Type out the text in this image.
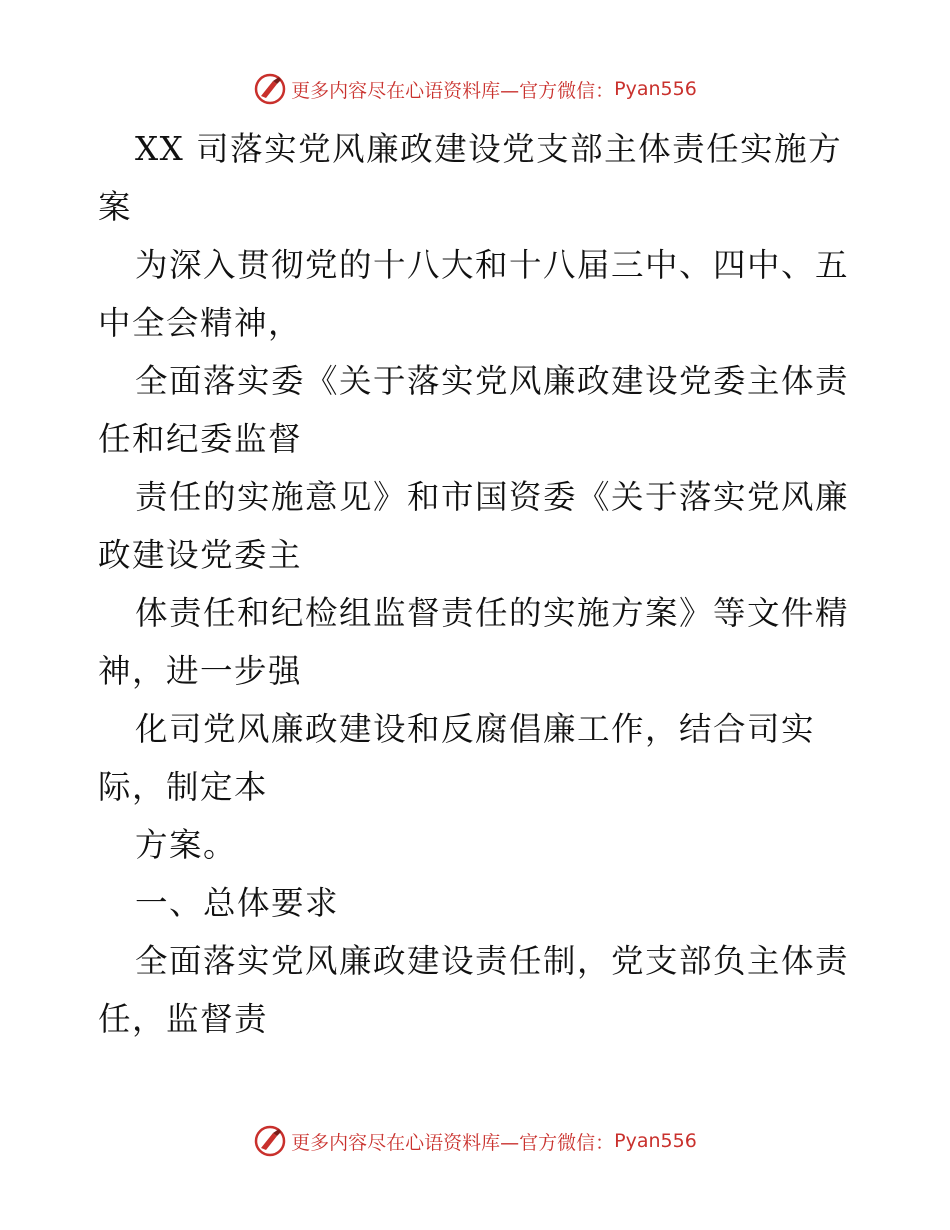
更多内容尽在心语资料库—官方微信： Pyan556
XX 司落实党风廉政建设党支部主体责任实施方
案
为深入贯彻党的十八大和十八届三中、四中、五
中全会精神，
全面落实委《关于落实党风廉政建设党委主体责
任和纪委监督
责任的实施意见》和市国资委《关于落实党风廉
政建设党委主
体责任和纪检组监督责任的实施方案》等文件精
神，进一步强
化司党风廉政建设和反腐倡廉工作，结合司实
际，制定本
方案。
一、总体要求
全面落实党风廉政建设责任制，党支部负主体责
任，监督责
更多内容尽在心语资料库—官方微信： Pyan556
